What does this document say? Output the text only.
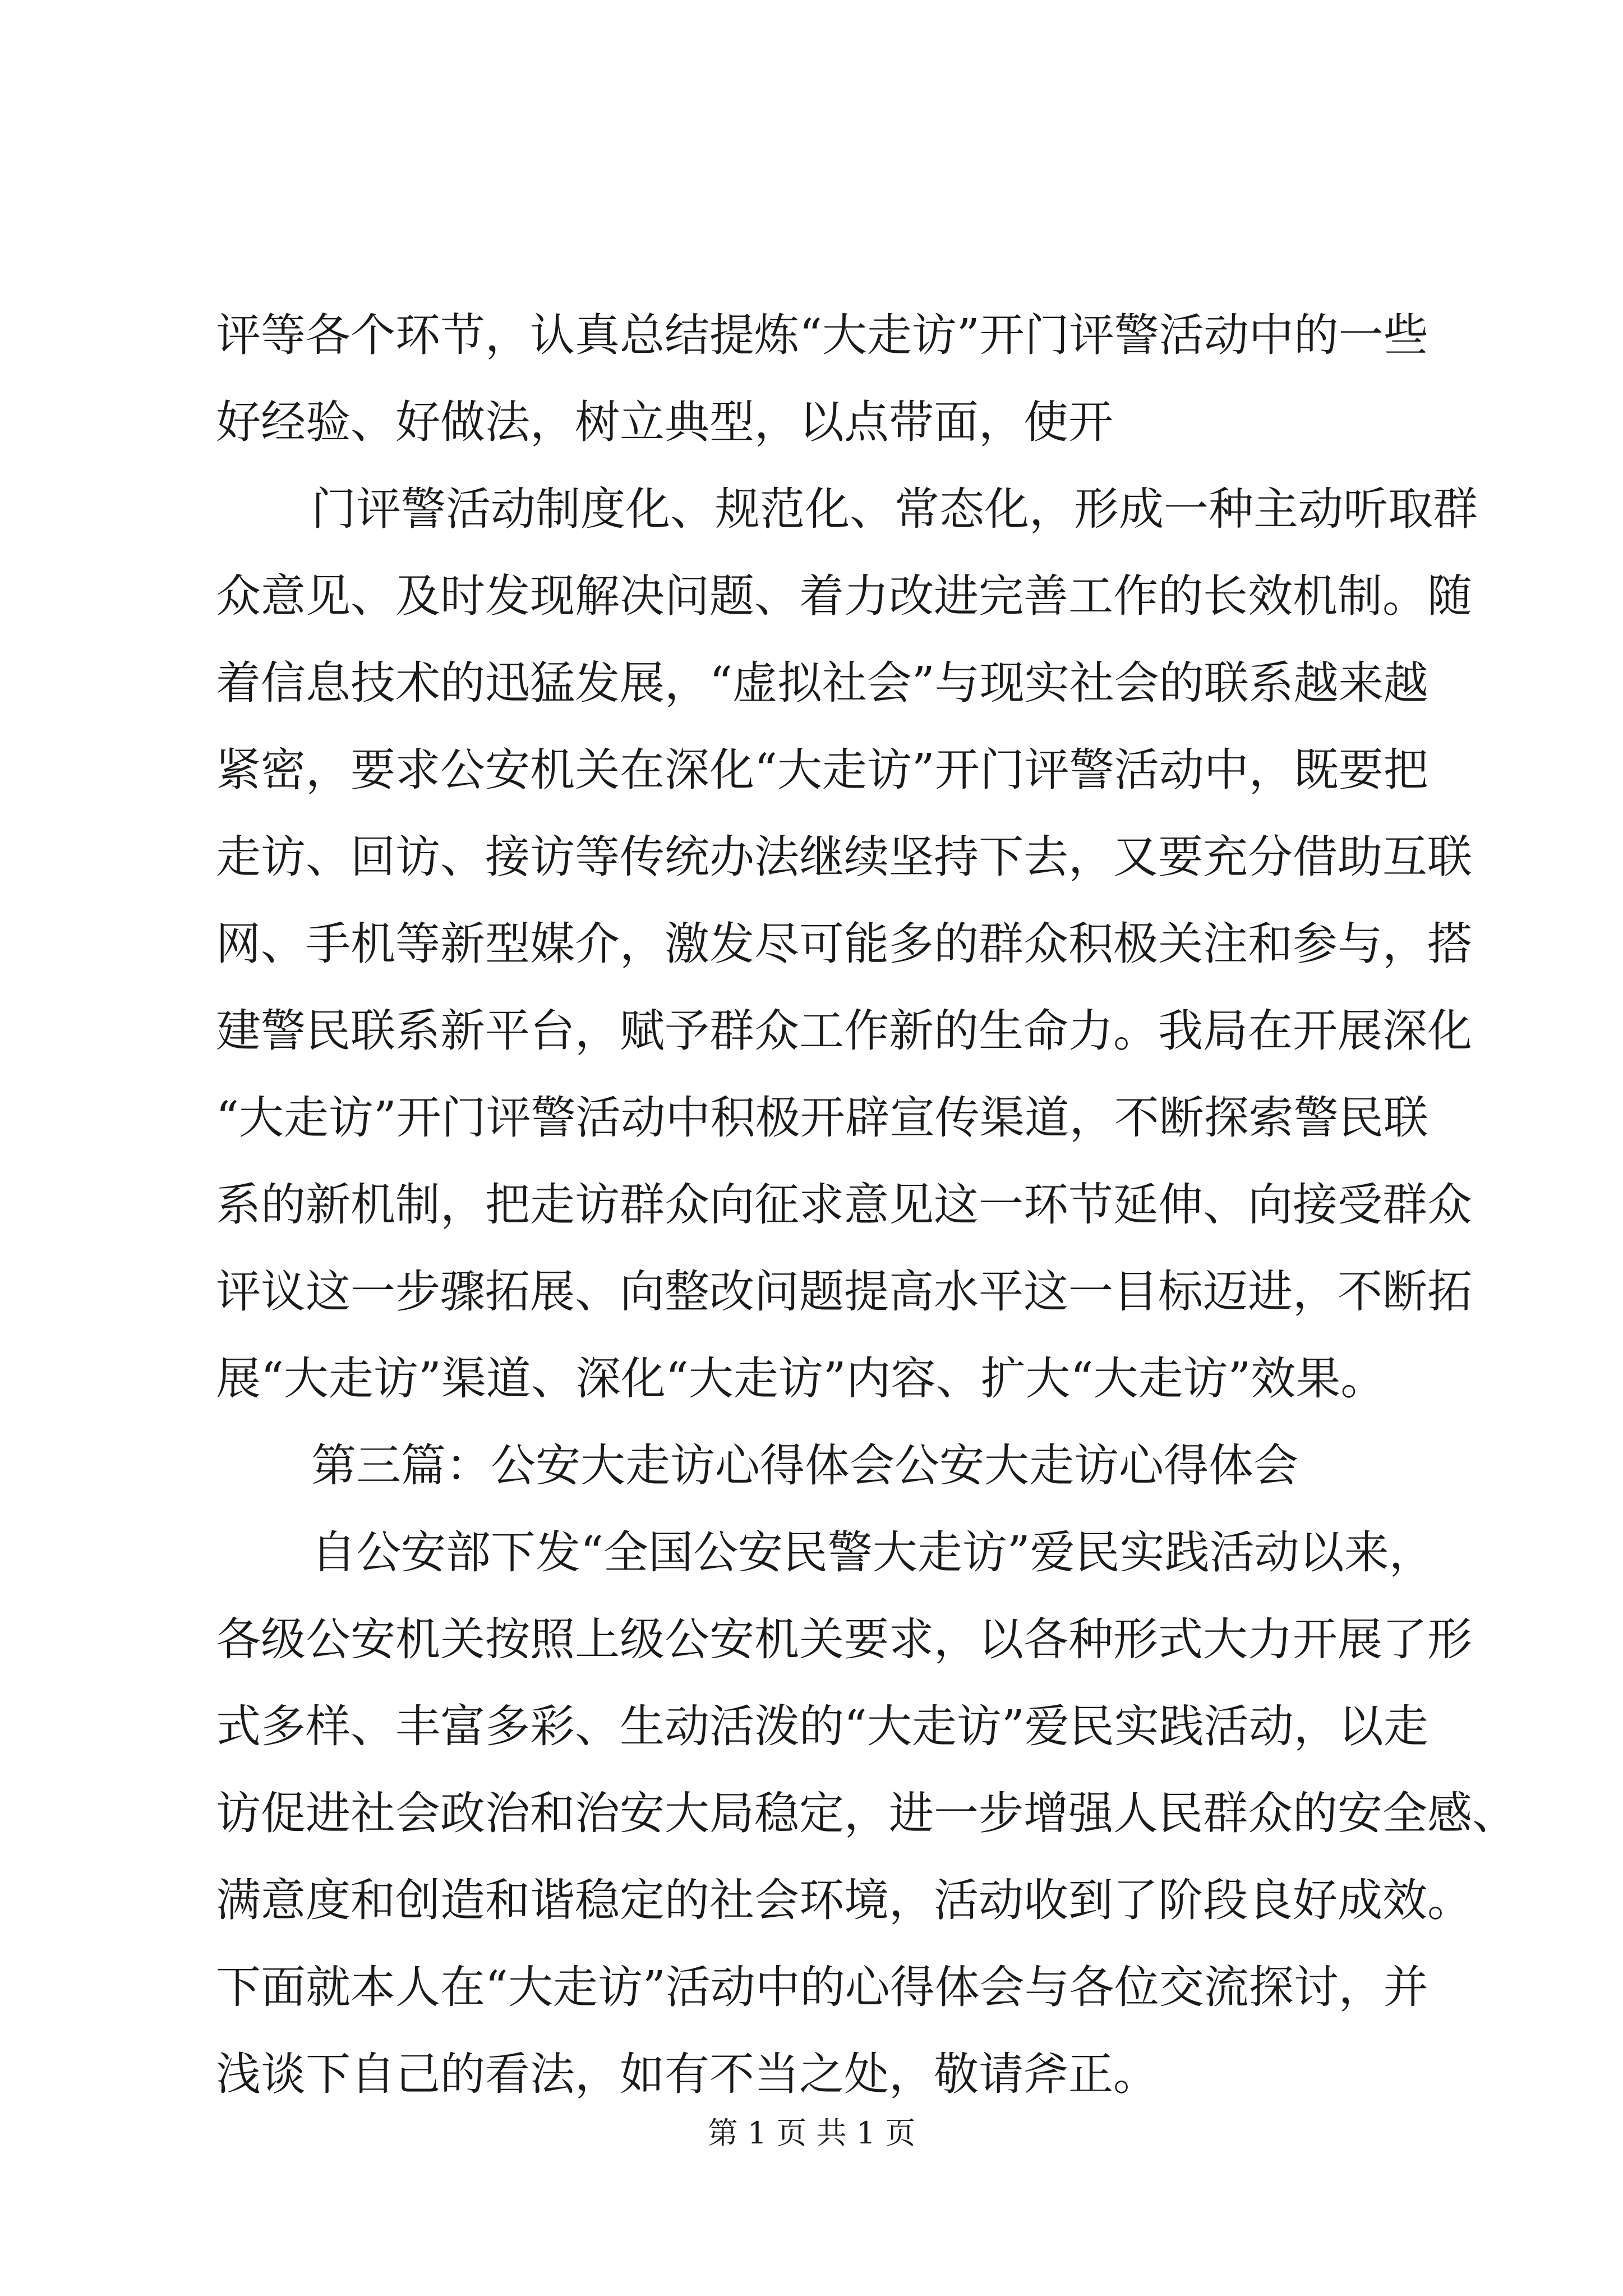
评等各个环节，认真总结提炼“大走访”开门评警活动中的一些
好经验、好做法，树立典型，以点带面，使开
门评警活动制度化、规范化、常态化，形成一种主动听取群
众意见、及时发现解决问题、着力改进完善工作的长效机制。随
着信息技术的迅猛发展，“虚拟社会”与现实社会的联系越来越
紧密，要求公安机关在深化“大走访”开门评警活动中，既要把
走访、回访、接访等传统办法继续坚持下去，又要充分借助互联
网、手机等新型媒介，激发尽可能多的群众积极关注和参与，搭
建警民联系新平台，赋予群众工作新的生命力。我局在开展深化
“大走访”开门评警活动中积极开辟宣传渠道，不断探索警民联
系的新机制，把走访群众向征求意见这一环节延伸、向接受群众
评议这一步骤拓展、向整改问题提高水平这一目标迈进，不断拓
展“大走访”渠道、深化“大走访”内容、扩大“大走访”效果。
第三篇：公安大走访心得体会公安大走访心得体会
自公安部下发“全国公安民警大走访”爱民实践活动以来，
各级公安机关按照上级公安机关要求，以各种形式大力开展了形
式多样、丰富多彩、生动活泼的“大走访”爱民实践活动，以走
访促进社会政治和治安大局稳定，进一步增强人民群众的安全感、
满意度和创造和谐稳定的社会环境，活动收到了阶段良好成效。
下面就本人在“大走访”活动中的心得体会与各位交流探讨，并
浅谈下自己的看法，如有不当之处，敬请斧正。
第 1 页 共 1 页
